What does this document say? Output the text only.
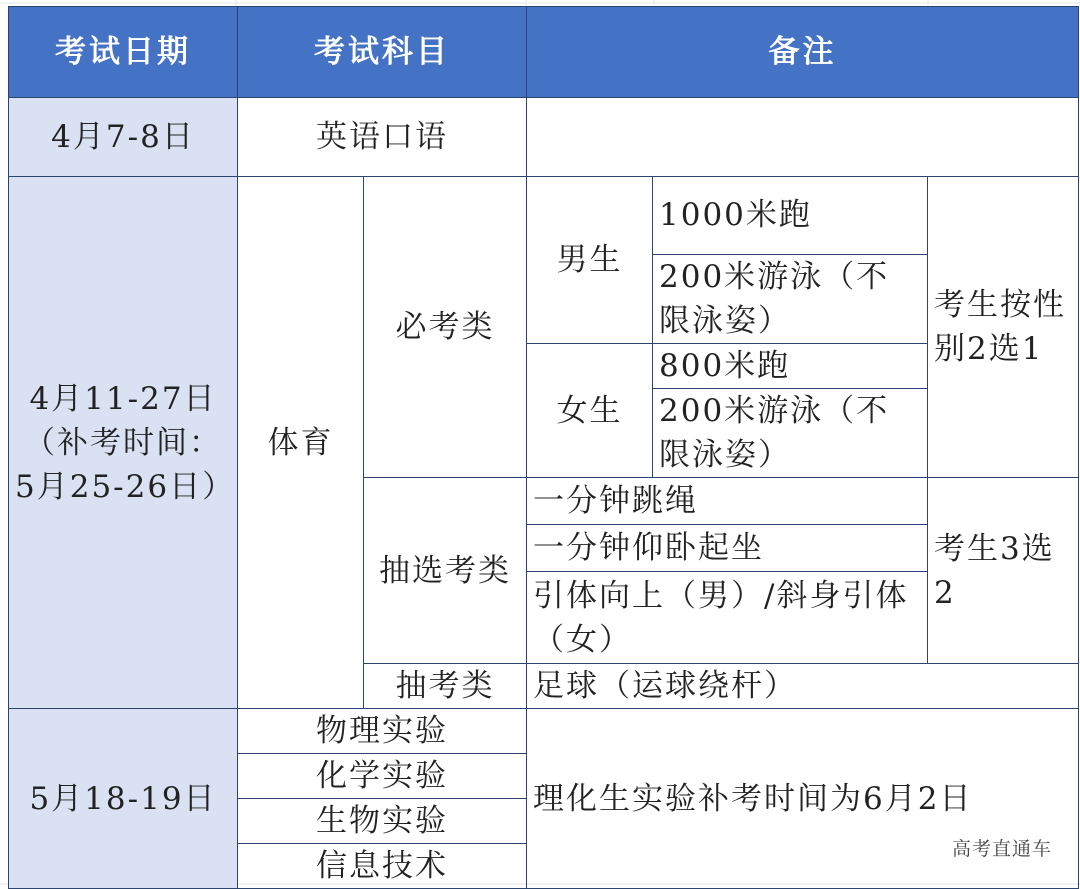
考试日期	考试科目		备注		
4月7-8日	英语口语				

4月11-27日
（补考时间：
5月25-26日）	体育	必考类	男生	1000米跑	考生按性别2选1
				200米游泳（不限泳姿）	
			女生	800米跑	
				200米游泳（不限泳姿）	
		抽选考类	一分钟跳绳		考生3选2
			一分钟仰卧起坐		
			引体向上（男）/斜身引体（女）		
		抽考类	足球（运球绕杆）		
5月18-19日	物理实验		理化生实验补考时间为6月2日		
	化学实验				
	生物实验				
	信息技术					高考直通车
